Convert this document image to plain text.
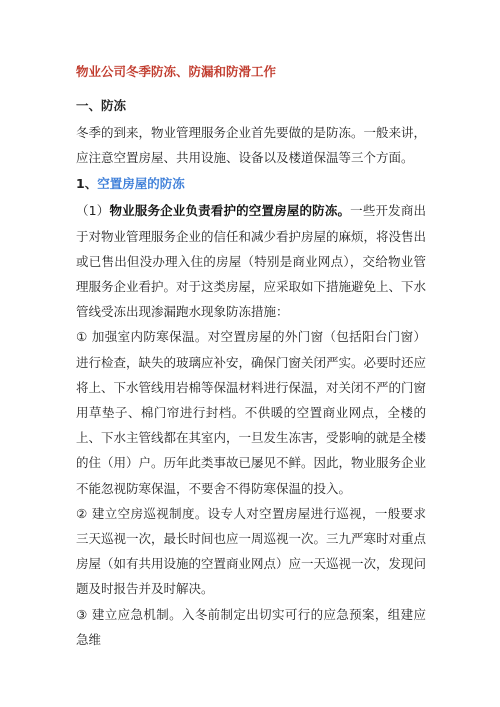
物业公司冬季防冻、防漏和防滑工作
一、防冻

冬季的到来，物业管理服务企业首先要做的是防冻。一般来讲，应注意空置房屋、共用设施、设备以及楼道保温等三个方面。

1、空置房屋的防冻

（1）物业服务企业负责看护的空置房屋的防冻。一些开发商出于对物业管理服务企业的信任和减少看护房屋的麻烦，将没售出或已售出但没办理入住的房屋（特别是商业网点），交给物业管理服务企业看护。对于这类房屋，应采取如下措施避免上、下水管线受冻出现渗漏跑水现象防冻措施：

① 加强室内防寒保温。对空置房屋的外门窗（包括阳台门窗）进行检查，缺失的玻璃应补安，确保门窗关闭严实。必要时还应将上、下水管线用岩棉等保温材料进行保温，对关闭不严的门窗用草垫子、棉门帘进行封档。不供暖的空置商业网点，全楼的上、下水主管线都在其室内，一旦发生冻害，受影响的就是全楼的住（用）户。历年此类事故已屡见不鲜。因此，物业服务企业不能忽视防寒保温，不要舍不得防寒保温的投入。

② 建立空房巡视制度。设专人对空置房屋进行巡视，一般要求三天巡视一次，最长时间也应一周巡视一次。三九严寒时对重点房屋（如有共用设施的空置商业网点）应一天巡视一次，发现问题及时报告并及时解决。

③ 建立应急机制。入冬前制定出切实可行的应急预案，组建应急维
